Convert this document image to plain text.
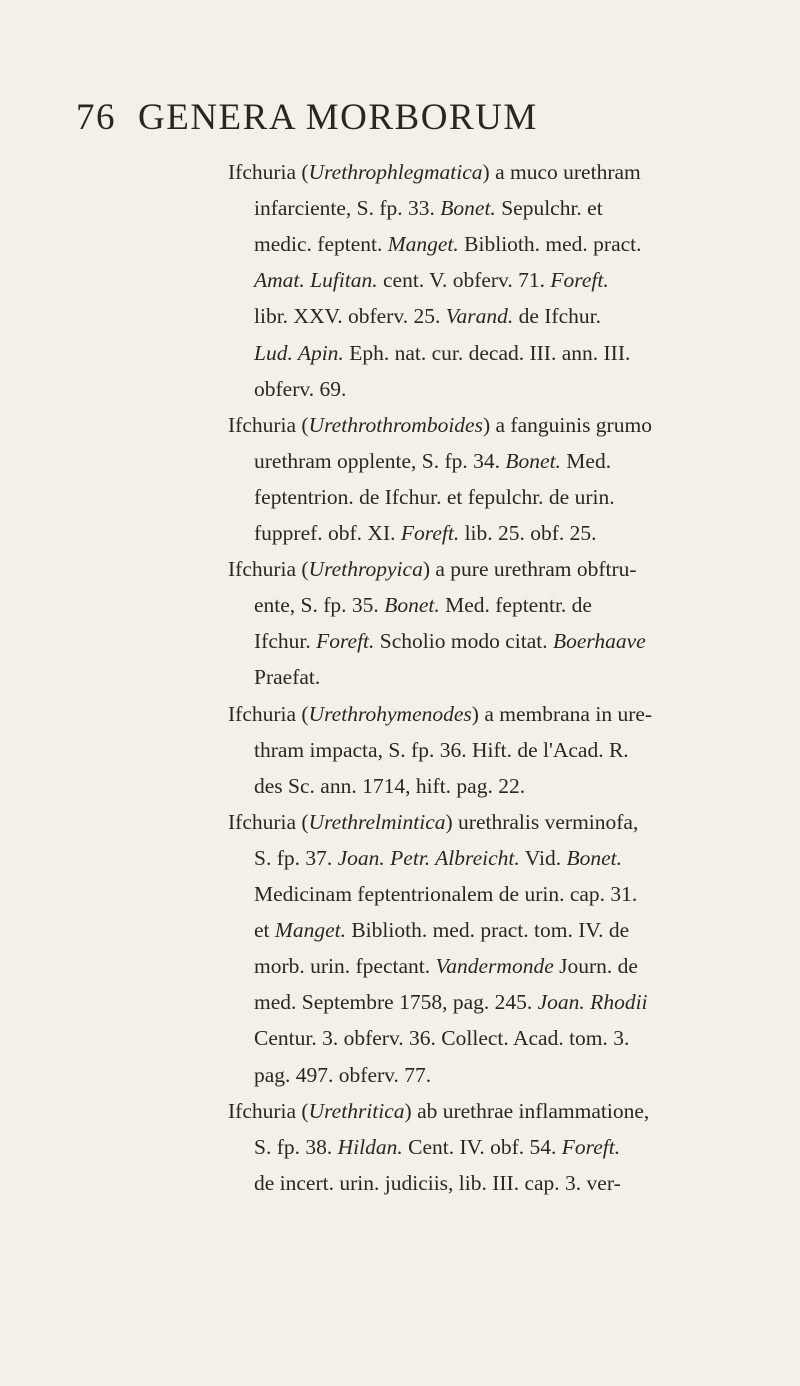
76 GENERA MORBORUM
Ifchuria (Urethrophlegmatica) a muco urethram
infarciente, S. fp. 33. Bonet. Sepulchr. et
medic. feptent. Manget. Biblioth. med. pract.
Amat. Lufitan. cent. V. obferv. 71. Foreft.
libr. XXV. obferv. 25. Varand. de Ifchur.
Lud. Apin. Eph. nat. cur. decad. III. ann. III.
obferv. 69.
Ifchuria (Urethrothromboides) a fanguinis grumo
urethram opplente, S. fp. 34. Bonet. Med.
feptentrion. de Ifchur. et fepulchr. de urin.
fuppref. obf. XI. Foreft. lib. 25. obf. 25.
Ifchuria (Urethropyica) a pure urethram obftru-
ente, S. fp. 35. Bonet. Med. feptentr. de
Ifchur. Foreft. Scholio modo citat. Boerhaave
Praefat.
Ifchuria (Urethrohymenodes) a membrana in ure-
thram impacta, S. fp. 36. Hift. de l'Acad. R.
des Sc. ann. 1714, hift. pag. 22.
Ifchuria (Urethrelmintica) urethralis verminofa,
S. fp. 37. Joan. Petr. Albreicht. Vid. Bonet.
Medicinam feptentrionalem de urin. cap. 31.
et Manget. Biblioth. med. pract. tom. IV. de
morb. urin. fpectant. Vandermonde Journ. de
med. Septembre 1758, pag. 245. Joan. Rhodii
Centur. 3. obferv. 36. Collect. Acad. tom. 3.
pag. 497. obferv. 77.
Ifchuria (Urethritica) ab urethrae inflammatione,
S. fp. 38. Hildan. Cent. IV. obf. 54. Foreft.
de incert. urin. judiciis, lib. III. cap. 3. ver-
